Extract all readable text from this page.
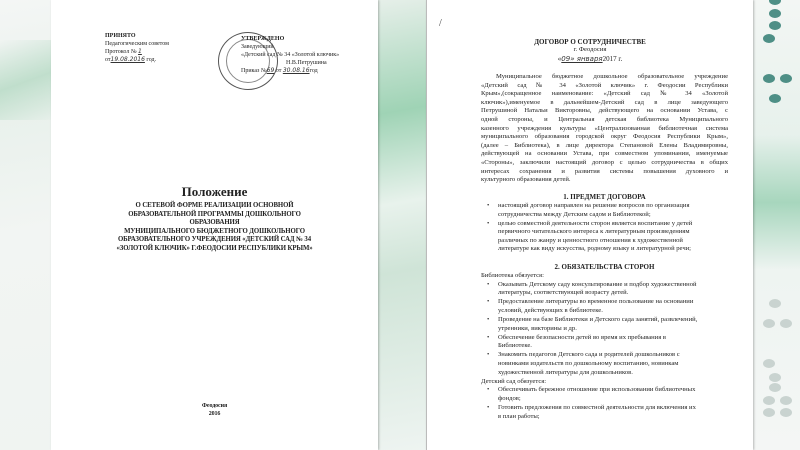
ПРИНЯТО
Педагогическим советом
Протокол № 1
от19.08.2016 год.
УТВЕРЖДЕНО
Заведующий
«Детский сад № 34 «Золотой ключик»
Н.В.Петрушина
Приказ №69 от 30.08.16год
Положение
О СЕТЕВОЙ ФОРМЕ РЕАЛИЗАЦИИ ОСНОВНОЙ
ОБРАЗОВАТЕЛЬНОЙ ПРОГРАММЫ ДОШКОЛЬНОГО
ОБРАЗОВАНИЯ
МУНИЦИПАЛЬНОГО БЮДЖЕТНОГО ДОШКОЛЬНОГО
ОБРАЗОВАТЕЛЬНОГО УЧРЕЖДЕНИЯ «ДЕТСКИЙ САД № 34
«ЗОЛОТОЙ КЛЮЧИК» Г.ФЕОДОСИИ РЕСПУБЛИКИ КРЫМ»
Феодосия
2016
/
ДОГОВОР О СОТРУДНИЧЕСТВЕ
г. Феодосия
«09» января2017 г.
Муниципальное бюджетное дошкольное образовательное учреждение
«Детский сад № 34 «Золотой ключик» г. Феодосии Республики
Крым»,(сокращенное наименование: «Детский сад № 34 «Золотой
ключик»),именуемое в дальнейшем-Детский сад в лице заведующего
Петрушиной Натальи Викторовны, действующего на основании Устава, с
одной стороны, и Центральная детская библиотека Муниципального
казенного учреждения культуры «Централизованная библиотечная система
муниципального образования городской округ Феодосия Республики Крым»,
(далее – Библиотека), в лице директора Степановой Елены Владимировны,
действующей на основании Устава, при совместном упоминании, именуемые
«Стороны», заключили настоящий договор с целью сотрудничества в общих
интересах сохранения и развития системы повышения духовного и
культурного образования детей.
1. ПРЕДМЕТ ДОГОВОРА
• настоящий договор направлен на решение вопросов по организация
сотрудничества между Детским садом и Библиотекой;
• целью совместной деятельности сторон является воспитание у детей
первичного читательского интереса к литературным произведениям
различных по жанру и ценностного отношения к художественной
литературе как виду искусства, родному языку и литературной речи;
2. ОБЯЗАТЕЛЬСТВА СТОРОН
Библиотека обязуется:
• Оказывать Детскому саду консультирование и подбор художественной
литературы, соответствующей возрасту детей.
• Предоставление литературы во временное пользование на основании
условий, действующих в библиотеке.
• Проведение на базе Библиотеки и Детского сада занятий, развлечений,
утренники, викторины и др.
• Обеспечение безопасности детей во время их пребывания в
Библиотеке.
• Знакомить педагогов Детского сада и родителей дошкольников с
новинками издательств по дошкольному воспитанию, новинкам
художественной литературы для дошкольников.
Детский сад обязуется:
• Обеспечивать бережное отношение при использовании библиотечных
фондов;
• Готовить предложения по совместной деятельности для включения их
в план работы;
